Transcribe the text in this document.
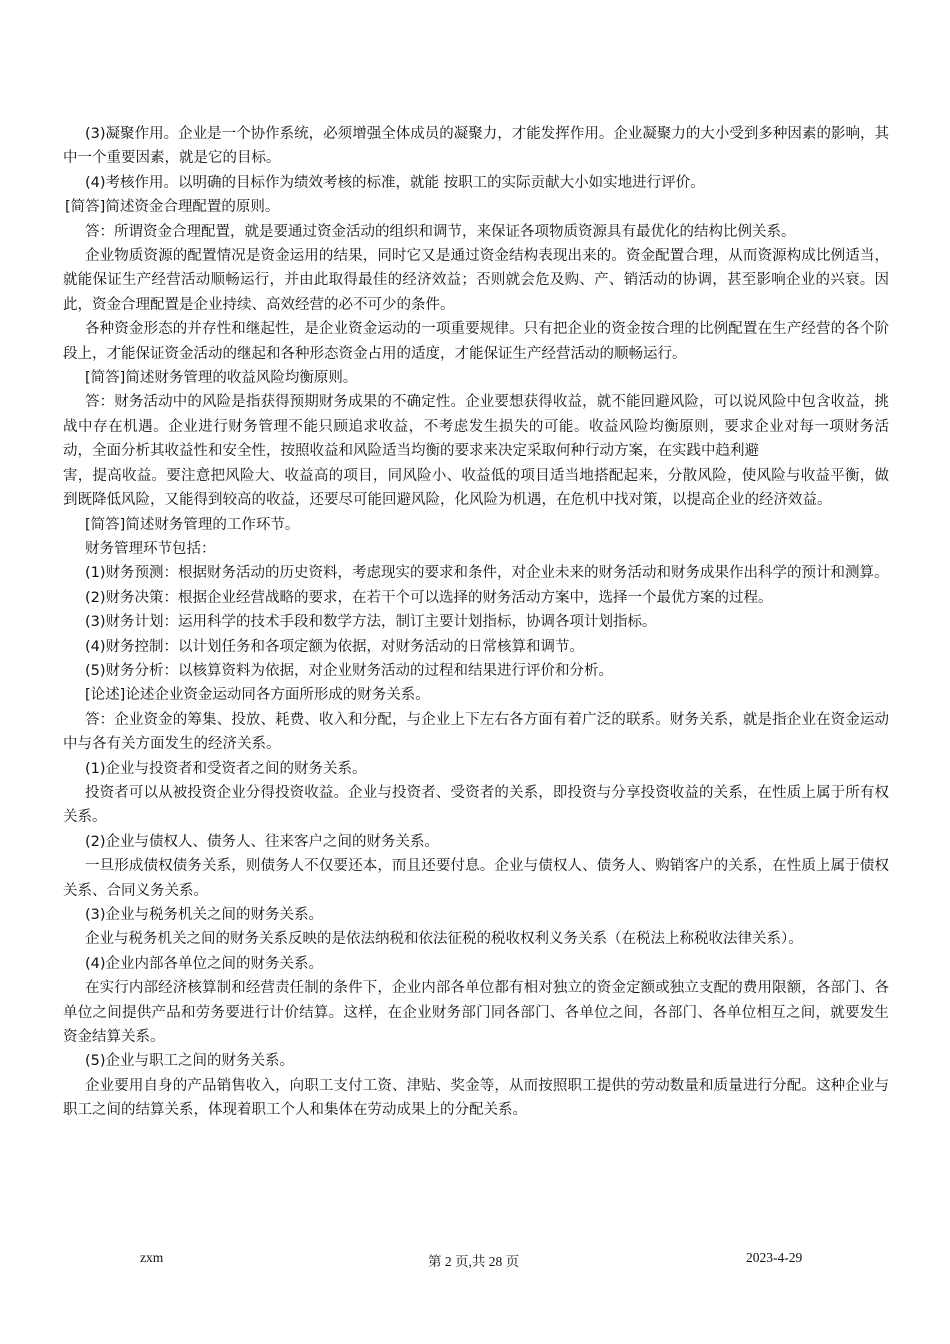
(3)凝聚作用。企业是一个协作系统，必须增强全体成员的凝聚力，才能发挥作用。企业凝聚力的大小受到多种因素的影响，其中一个重要因素，就是它的目标。

(4)考核作用。以明确的目标作为绩效考核的标准，就能 按职工的实际贡献大小如实地进行评价。

[简答]简述资金合理配置的原则。

答：所谓资金合理配置，就是要通过资金活动的组织和调节，来保证各项物质资源具有最优化的结构比例关系。

企业物质资源的配置情况是资金运用的结果，同时它又是通过资金结构表现出来的。资金配置合理，从而资源构成比例适当，就能保证生产经营活动顺畅运行，并由此取得最佳的经济效益；否则就会危及购、产、销活动的协调，甚至影响企业的兴衰。因此，资金合理配置是企业持续、高效经营的必不可少的条件。

各种资金形态的并存性和继起性，是企业资金运动的一项重要规律。只有把企业的资金按合理的比例配置在生产经营的各个阶段上，才能保证资金活动的继起和各种形态资金占用的适度，才能保证生产经营活动的顺畅运行。

[简答]简述财务管理的收益风险均衡原则。

答：财务活动中的风险是指获得预期财务成果的不确定性。企业要想获得收益，就不能回避风险，可以说风险中包含收益，挑战中存在机遇。企业进行财务管理不能只顾追求收益，不考虑发生损失的可能。收益风险均衡原则，要求企业对每一项财务活动，全面分析其收益性和安全性，按照收益和风险适当均衡的要求来决定采取何种行动方案，在实践中趋利避

害，提高收益。要注意把风险大、收益高的项目，同风险小、收益低的项目适当地搭配起来，分散风险，使风险与收益平衡，做到既降低风险，又能得到较高的收益，还要尽可能回避风险，化风险为机遇，在危机中找对策，以提高企业的经济效益。

[简答]简述财务管理的工作环节。

财务管理环节包括：

(1)财务预测：根据财务活动的历史资料，考虑现实的要求和条件，对企业未来的财务活动和财务成果作出科学的预计和测算。

(2)财务决策：根据企业经营战略的要求，在若干个可以选择的财务活动方案中，选择一个最优方案的过程。

(3)财务计划：运用科学的技术手段和数学方法，制订主要计划指标，协调各项计划指标。

(4)财务控制：以计划任务和各项定额为依据，对财务活动的日常核算和调节。

(5)财务分析：以核算资料为依据，对企业财务活动的过程和结果进行评价和分析。

[论述]论述企业资金运动同各方面所形成的财务关系。

答：企业资金的筹集、投放、耗费、收入和分配，与企业上下左右各方面有着广泛的联系。财务关系，就是指企业在资金运动中与各有关方面发生的经济关系。

(1)企业与投资者和受资者之间的财务关系。

投资者可以从被投资企业分得投资收益。企业与投资者、受资者的关系，即投资与分享投资收益的关系，在性质上属于所有权关系。

(2)企业与债权人、债务人、往来客户之间的财务关系。

一旦形成债权债务关系，则债务人不仅要还本，而且还要付息。企业与债权人、债务人、购销客户的关系，在性质上属于债权关系、合同义务关系。

(3)企业与税务机关之间的财务关系。

企业与税务机关之间的财务关系反映的是依法纳税和依法征税的税收权利义务关系（在税法上称税收法律关系）。

(4)企业内部各单位之间的财务关系。

在实行内部经济核算制和经营责任制的条件下，企业内部各单位都有相对独立的资金定额或独立支配的费用限额，各部门、各单位之间提供产品和劳务要进行计价结算。这样，在企业财务部门同各部门、各单位之间，各部门、各单位相互之间，就要发生资金结算关系。

(5)企业与职工之间的财务关系。

企业要用自身的产品销售收入，向职工支付工资、津贴、奖金等，从而按照职工提供的劳动数量和质量进行分配。这种企业与职工之间的结算关系，体现着职工个人和集体在劳动成果上的分配关系。

zxm	第 2 页,共 28 页	2023-4-29
